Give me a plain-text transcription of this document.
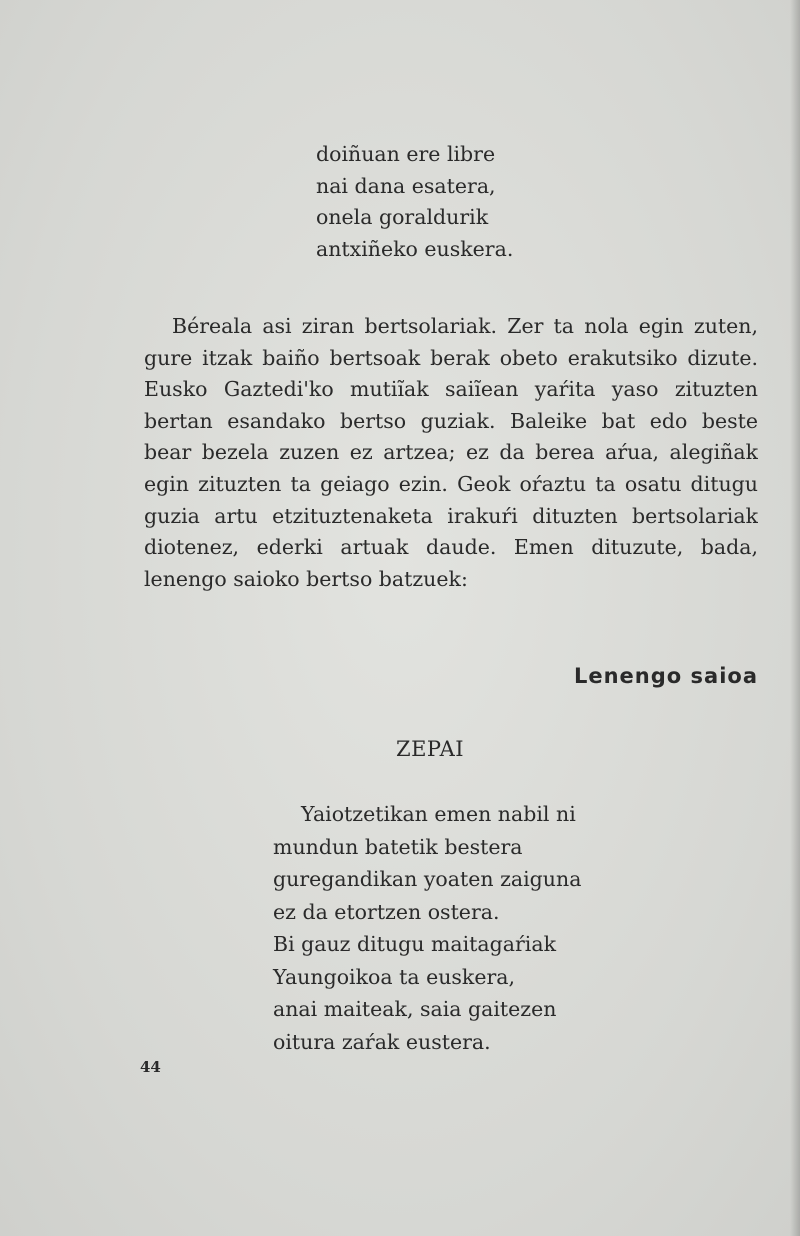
doiñuan ere libre
nai dana esatera,
onela goraldurik
antxiñeko euskera.
Béreala asi ziran bertsolariak. Zer ta nola egin zuten,
gure itzak baiño bertsoak berak obeto erakutsiko dizute.
Eusko Gaztedi'ko mutiĩak saiĩean yaŕita yaso zituzten
bertan esandako bertso guziak. Baleike bat edo beste
bear bezela zuzen ez artzea; ez da berea aŕua, alegiñak
egin zituzten ta geiago ezin. Geok oŕaztu ta osatu ditugu
guzia artu etzituztenaketa irakuŕi dituzten bertsolariak
diotenez, ederki artuak daude. Emen dituzute, bada,
lenengo saioko bertso batzuek:
Lenengo saioa
ZEPAI
Yaiotzetikan emen nabil ni
mundun batetik bestera
guregandikan yoaten zaiguna
ez da etortzen ostera.
Bi gauz ditugu maitagaŕiak
Yaungoikoa ta euskera,
anai maiteak, saia gaitezen
oitura zaŕak eustera.
44
